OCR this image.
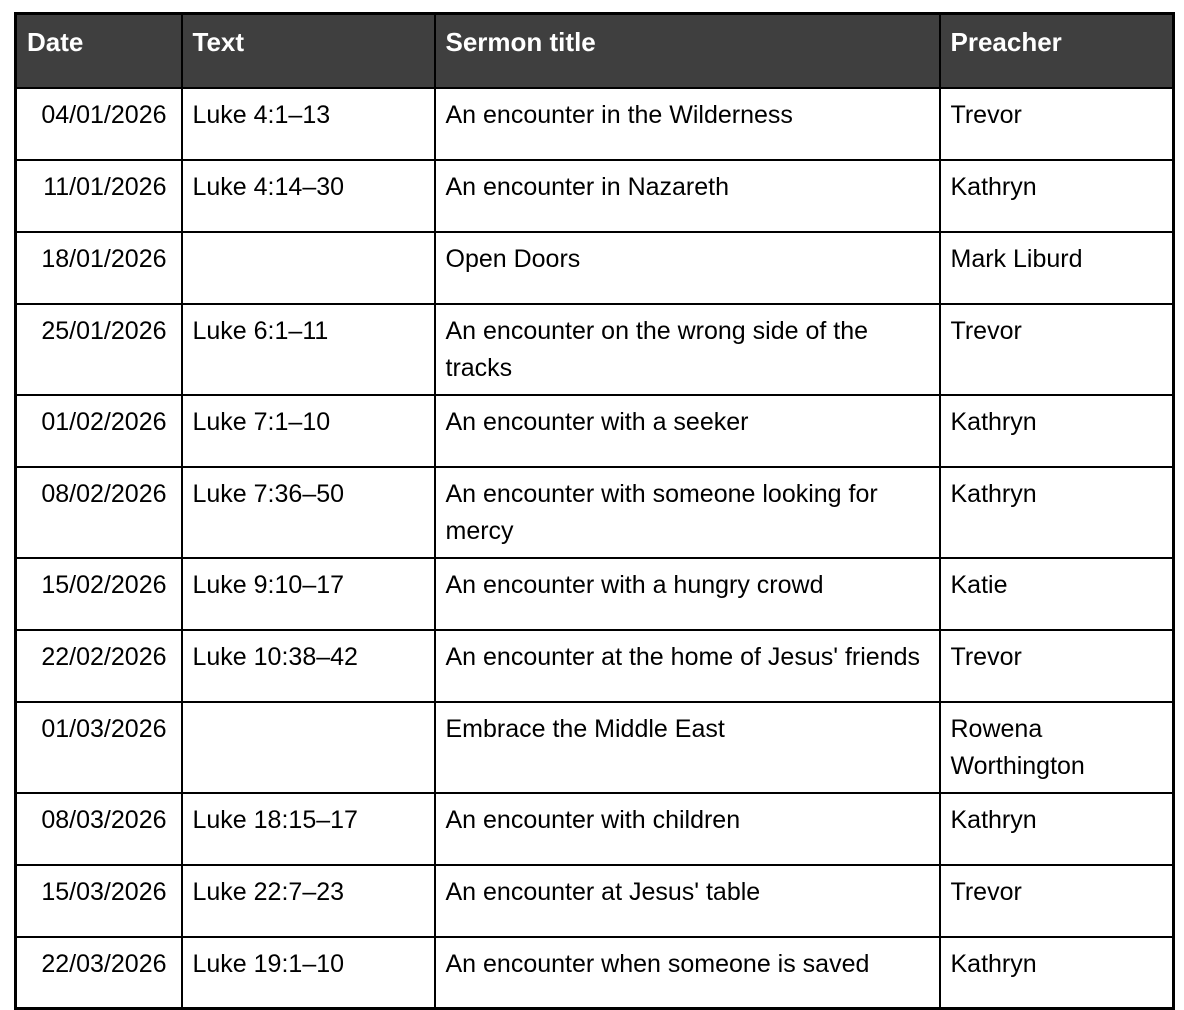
Date	Text	Sermon title	Preacher
04/01/2026	Luke 4:1–13	An encounter in the Wilderness	Trevor
11/01/2026	Luke 4:14–30	An encounter in Nazareth	Kathryn
18/01/2026		Open Doors	Mark Liburd
25/01/2026	Luke 6:1–11	An encounter on the wrong side of the tracks	Trevor
01/02/2026	Luke 7:1–10	An encounter with a seeker	Kathryn
08/02/2026	Luke 7:36–50	An encounter with someone looking for mercy	Kathryn
15/02/2026	Luke 9:10–17	An encounter with a hungry crowd	Katie
22/02/2026	Luke 10:38–42	An encounter at the home of Jesus' friends	Trevor
01/03/2026		Embrace the Middle East	Rowena Worthington
08/03/2026	Luke 18:15–17	An encounter with children	Kathryn
15/03/2026	Luke 22:7–23	An encounter at Jesus' table	Trevor
22/03/2026	Luke 19:1–10	An encounter when someone is saved	Kathryn
